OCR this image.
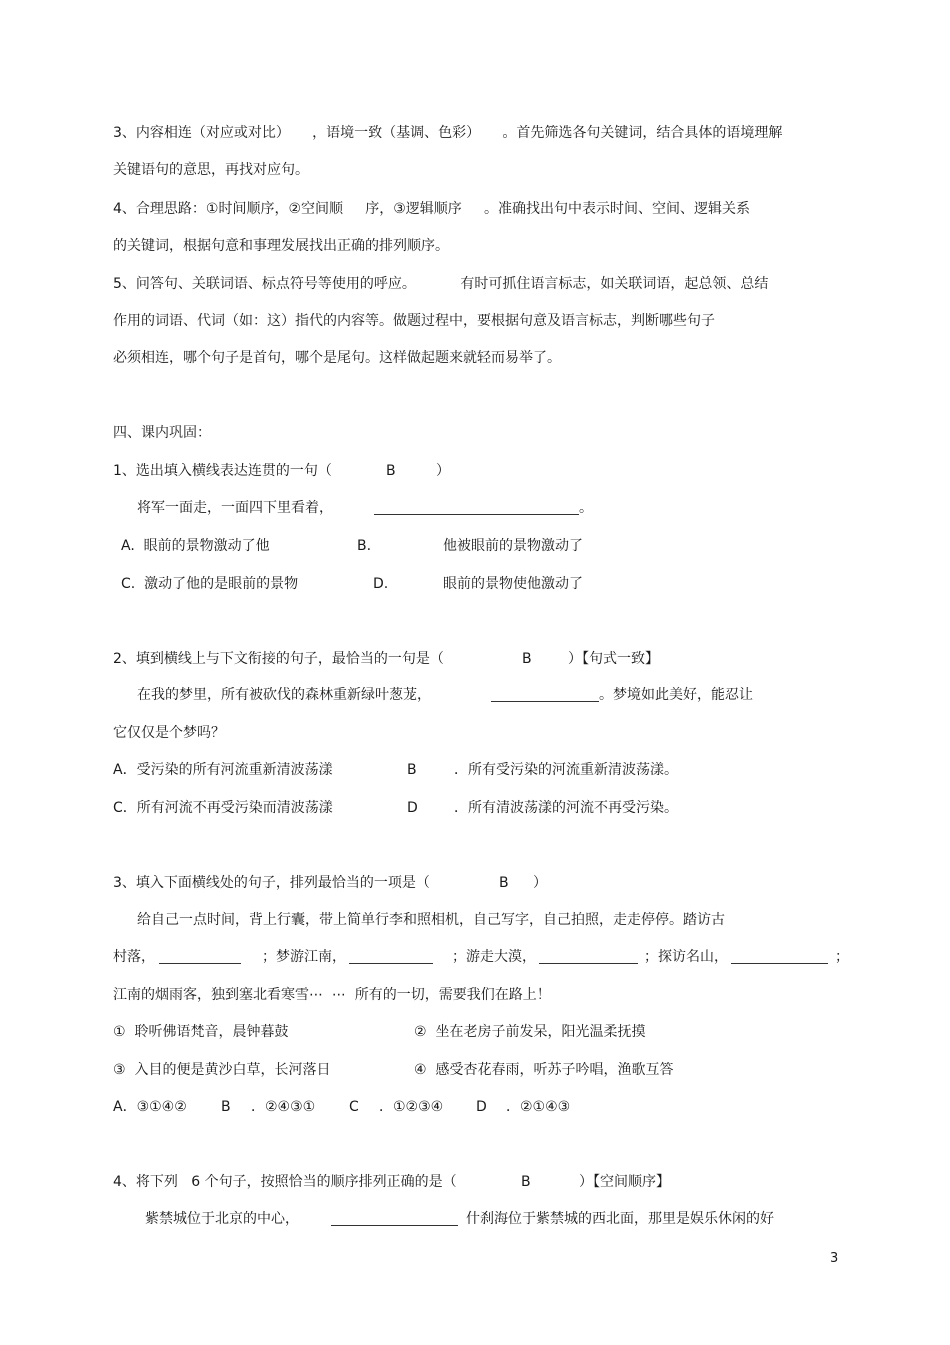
3、内容相连（对应或对比）     ，语境一致（基调、色彩）     。首先筛选各句关键词，结合具体的语境理解
关键语句的意思，再找对应句。
4、合理思路：①时间顺序，②空间顺     序，③逻辑顺序     。准确找出句中表示时间、空间、逻辑关系
的关键词，根据句意和事理发展找出正确的排列顺序。
5、问答句、关联词语、标点符号等使用的呼应。          有时可抓住语言标志，如关联词语，起总领、总结
作用的词语、代词（如：这）指代的内容等。做题过程中，要根据句意及语言标志，判断哪些句子
必须相连，哪个句子是首句，哪个是尾句。这样做起题来就轻而易举了。
四、课内巩固：
1、选出填入横线表达连贯的一句（	B	）
将军一面走，一面四下里看着，	。
A.  眼前的景物激动了他	B.	他被眼前的景物激动了
C.  激动了他的是眼前的景物	D.	眼前的景物使他激动了
2、填到横线上与下文衔接的句子，最恰当的一句是（	B	）【句式一致】
在我的梦里，所有被砍伐的森林重新绿叶葱茏，	。梦境如此美好，能忍让
它仅仅是个梦吗？
A．受污染的所有河流重新清波荡漾	B	．所有受污染的河流重新清波荡漾。
C．所有河流不再受污染而清波荡漾	D	．所有清波荡漾的河流不再受污染。
3、填入下面横线处的句子，排列最恰当的一项是（	B ）
给自己一点时间，背上行囊，带上简单行李和照相机，自己写字，自己拍照，走走停停。踏访古
村落，	；梦游江南，	；游走大漠，	；探访名山，	；
江南的烟雨客，独到塞北看寒雪⋯  ⋯  所有的一切，需要我们在路上！
①  聆听佛语梵音，晨钟暮鼓	②  坐在老房子前发呆，阳光温柔抚摸
③  入目的便是黄沙白草，长河落日	④  感受杏花春雨，听苏子吟唱，渔歌互答
A．③①④② B ．②④③① C ．①②③④ D ．②①④③
4、将下列   6 个句子，按照恰当的顺序排列正确的是（	B	）【空间顺序】
紫禁城位于北京的中心，	什刹海位于紫禁城的西北面，那里是娱乐休闲的好
3
